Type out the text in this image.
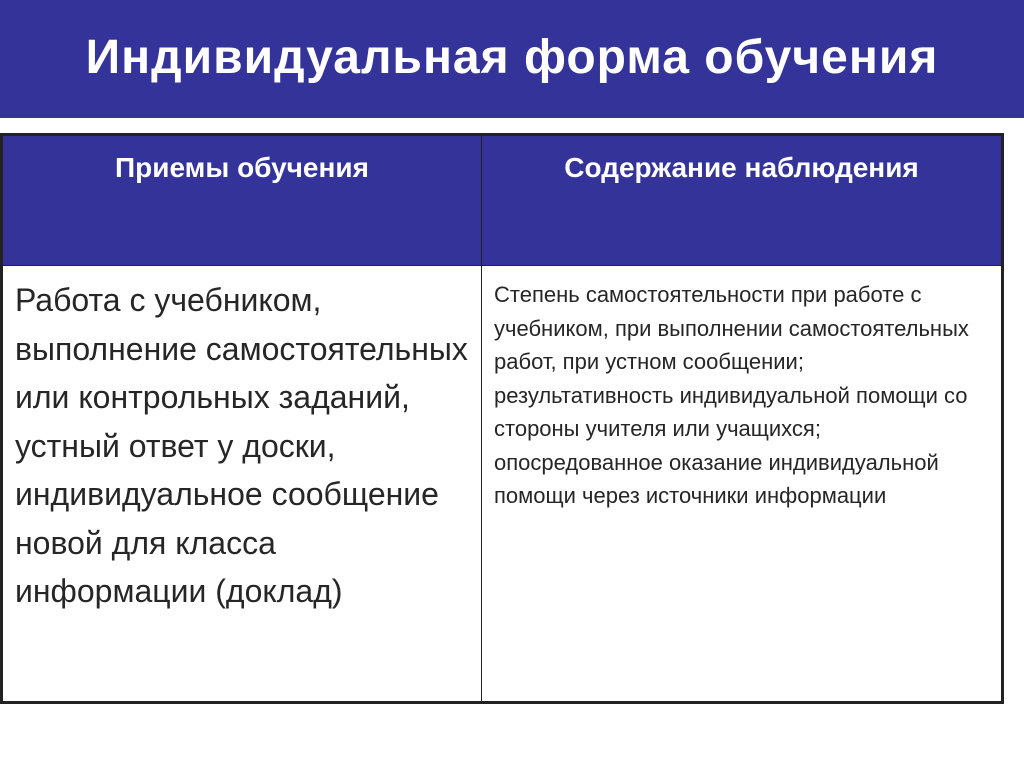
Индивидуальная форма обучения
Приемы обучения	Содержание наблюдения

Работа с учебником, выполнение самостоятельных или контрольных заданий, устный ответ у доски, индивидуальное сообщение новой для класса информации (доклад)	Степень самостоятельности при работе с учебником, при выполнении самостоятельных работ, при устном сообщении; результативность индивидуальной помощи со стороны учителя или учащихся; опосредованное оказание индивидуальной помощи через источники информации
